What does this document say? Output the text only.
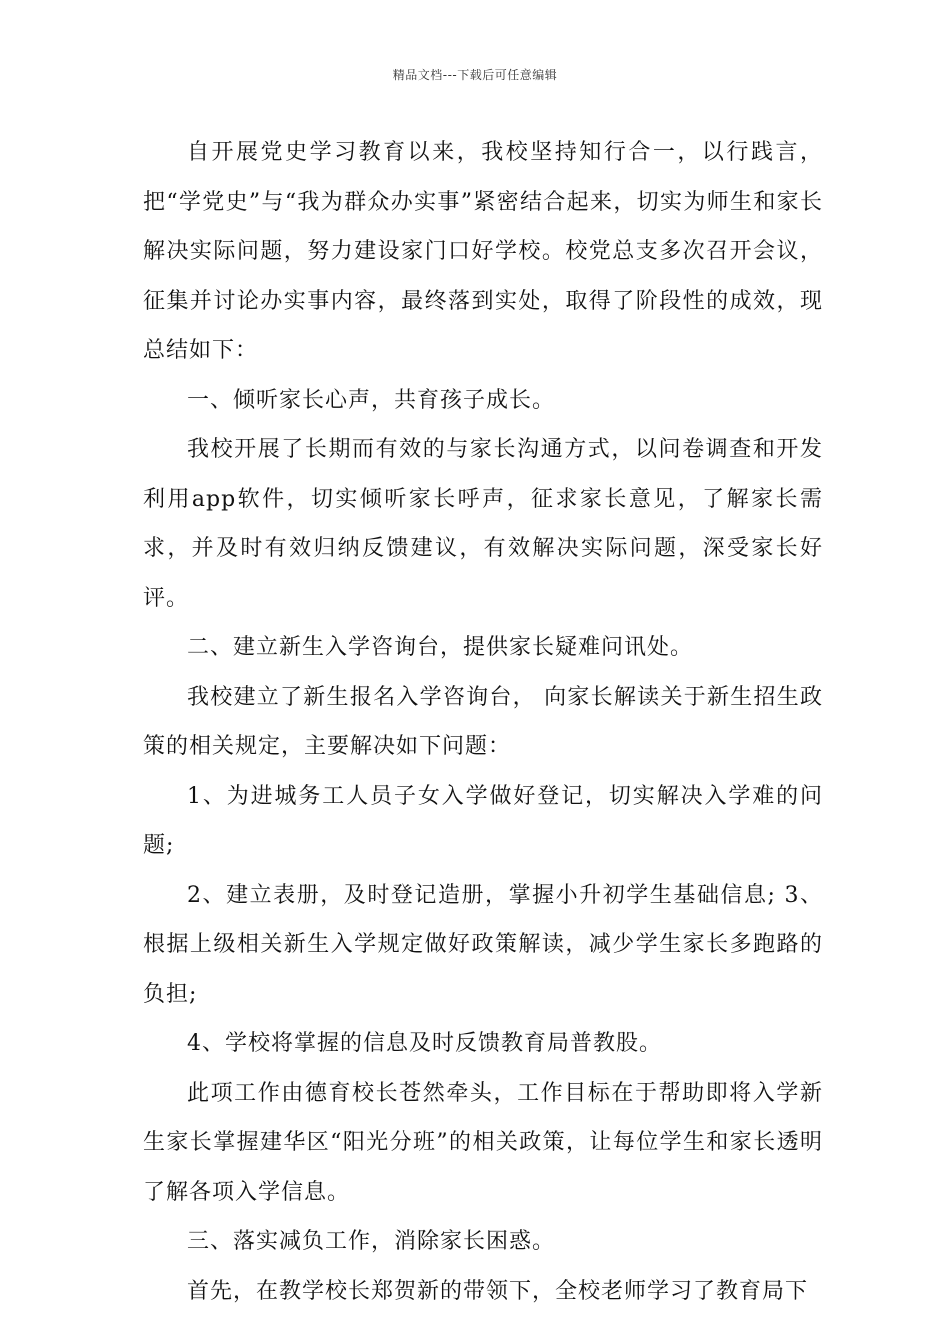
精品文档---下载后可任意编辑

自开展党史学习教育以来，我校坚持知行合一，以行践言，把“学党史”与“我为群众办实事”紧密结合起来，切实为师生和家长解决实际问题，努力建设家门口好学校。校党总支多次召开会议，征集并讨论办实事内容，最终落到实处，取得了阶段性的成效，现总结如下：

一、倾听家长心声，共育孩子成长。

我校开展了长期而有效的与家长沟通方式，以问卷调查和开发利用app软件，切实倾听家长呼声，征求家长意见，了解家长需求，并及时有效归纳反馈建议，有效解决实际问题，深受家长好评。

二、建立新生入学咨询台，提供家长疑难问讯处。

我校建立了新生报名入学咨询台， 向家长解读关于新生招生政策的相关规定，主要解决如下问题：

1、为进城务工人员子女入学做好登记，切实解决入学难的问题;

2、建立表册，及时登记造册，掌握小升初学生基础信息; 3、根据上级相关新生入学规定做好政策解读，减少学生家长多跑路的负担;

4、学校将掌握的信息及时反馈教育局普教股。

此项工作由德育校长苍然牵头，工作目标在于帮助即将入学新生家长掌握建华区“阳光分班”的相关政策，让每位学生和家长透明了解各项入学信息。

三、落实减负工作，消除家长困惑。

首先，在教学校长郑贺新的带领下，全校老师学习了教育局下
